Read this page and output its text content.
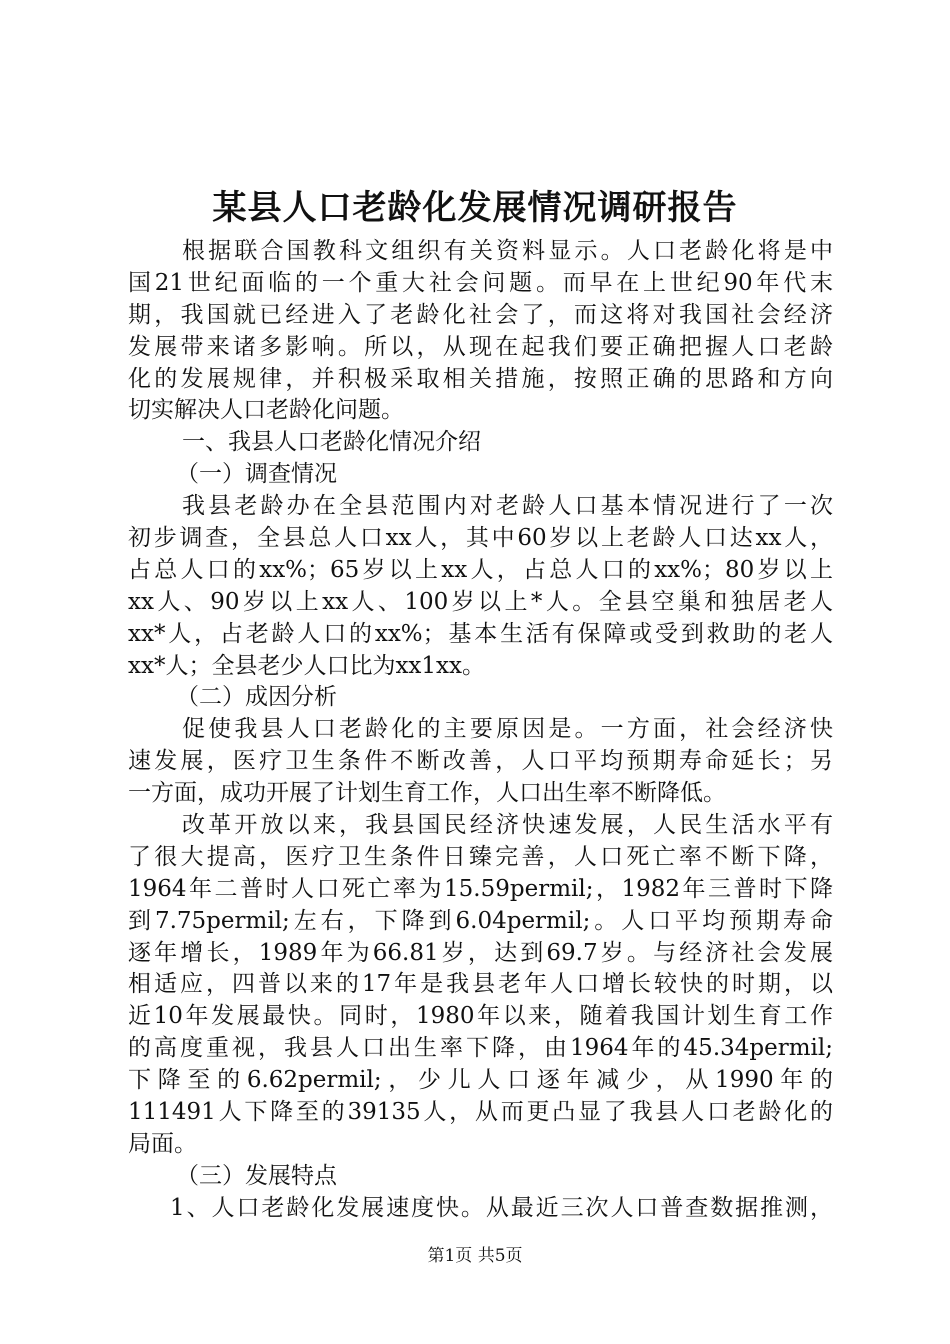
某县人口老龄化发展情况调研报告
根据联合国教科文组织有关资料显示。人口老龄化将是中
国21世纪面临的一个重大社会问题。而早在上世纪90年代末
期，我国就已经进入了老龄化社会了，而这将对我国社会经济
发展带来诸多影响。所以，从现在起我们要正确把握人口老龄
化的发展规律，并积极采取相关措施，按照正确的思路和方向
切实解决人口老龄化问题。
一、我县人口老龄化情况介绍
（一）调查情况
我县老龄办在全县范围内对老龄人口基本情况进行了一次
初步调查，全县总人口xx人，其中60岁以上老龄人口达xx人，
占总人口的xx%；65岁以上xx人，占总人口的xx%；80岁以上
xx人、90岁以上xx人、100岁以上*人。全县空巢和独居老人
xx*人，占老龄人口的xx%；基本生活有保障或受到救助的老人
xx*人；全县老少人口比为xx1xx。
（二）成因分析
促使我县人口老龄化的主要原因是。一方面，社会经济快
速发展，医疗卫生条件不断改善，人口平均预期寿命延长；另
一方面，成功开展了计划生育工作，人口出生率不断降低。
改革开放以来，我县国民经济快速发展，人民生活水平有
了很大提高，医疗卫生条件日臻完善，人口死亡率不断下降，
1964年二普时人口死亡率为15.59permil;，1982年三普时下降
到7.75permil;左右，下降到6.04permil;。人口平均预期寿命
逐年增长，1989年为66.81岁，达到69.7岁。与经济社会发展
相适应，四普以来的17年是我县老年人口增长较快的时期，以
近10年发展最快。同时，1980年以来，随着我国计划生育工作
的高度重视，我县人口出生率下降，由1964年的45.34permil;
下降至的6.62permil;，少儿人口逐年减少，从1990年的
111491人下降至的39135人，从而更凸显了我县人口老龄化的
局面。
（三）发展特点
1、人口老龄化发展速度快。从最近三次人口普查数据推测，
第1页 共5页
